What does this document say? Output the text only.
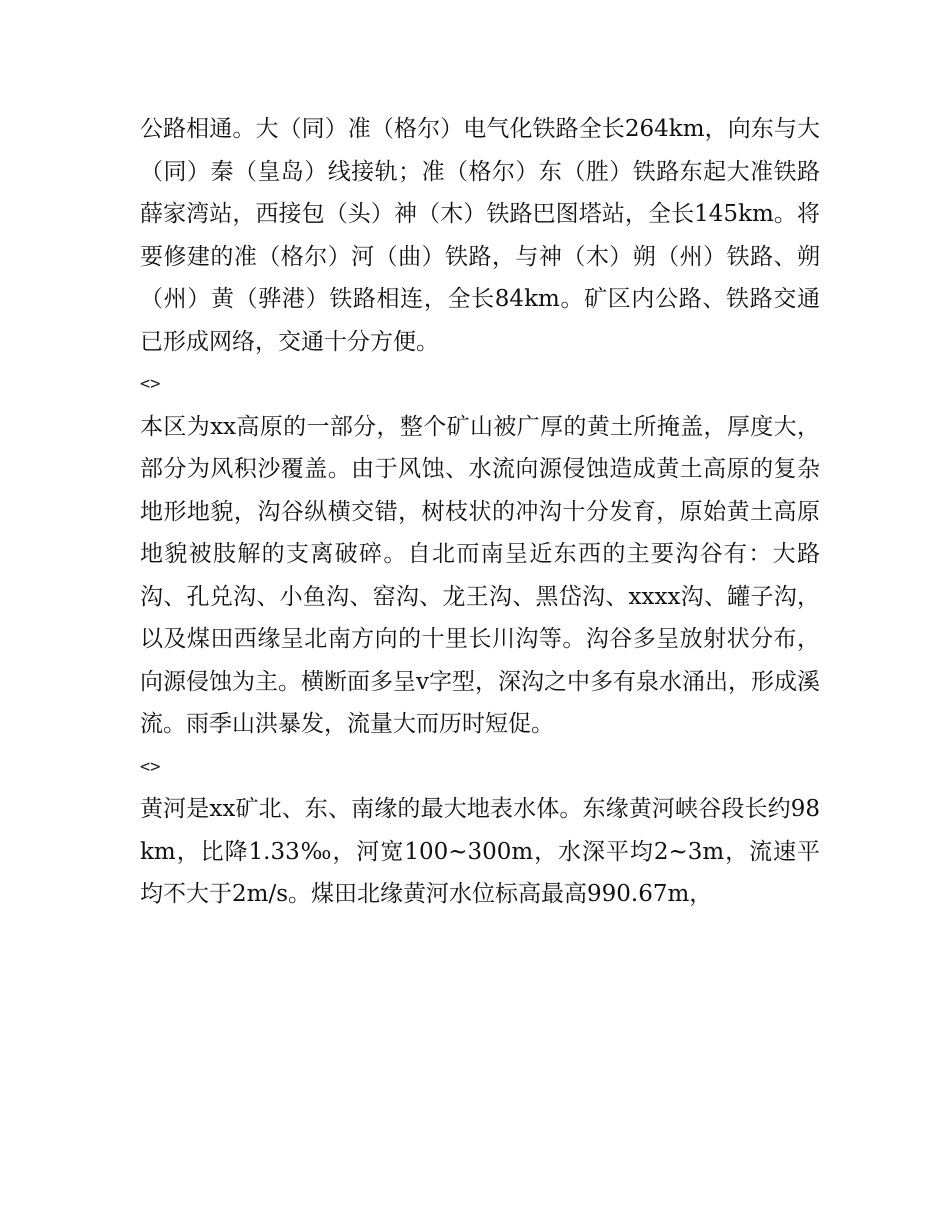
公路相通。大（同）准（格尔）电气化铁路全长264km，向东与大（同）秦（皇岛）线接轨；准（格尔）东（胜）铁路东起大准铁路薛家湾站，西接包（头）神（木）铁路巴图塔站，全长145km。将要修建的准（格尔）河（曲）铁路，与神（木）朔（州）铁路、朔（州）黄（骅港）铁路相连，全长84km。矿区内公路、铁路交通已形成网络，交通十分方便。

<>

本区为xx高原的一部分，整个矿山被广厚的黄土所掩盖，厚度大，部分为风积沙覆盖。由于风蚀、水流向源侵蚀造成黄土高原的复杂地形地貌，沟谷纵横交错，树枝状的冲沟十分发育，原始黄土高原地貌被肢解的支离破碎。自北而南呈近东西的主要沟谷有：大路沟、孔兑沟、小鱼沟、窑沟、龙王沟、黑岱沟、xxxx沟、罐子沟，以及煤田西缘呈北南方向的十里长川沟等。沟谷多呈放射状分布，向源侵蚀为主。横断面多呈v字型，深沟之中多有泉水涌出，形成溪流。雨季山洪暴发，流量大而历时短促。

<>

黄河是xx矿北、东、南缘的最大地表水体。东缘黄河峡谷段长约98km，比降1.33‰，河宽100~300m，水深平均2~3m，流速平均不大于2m/s。煤田北缘黄河水位标高最高990.67m，
